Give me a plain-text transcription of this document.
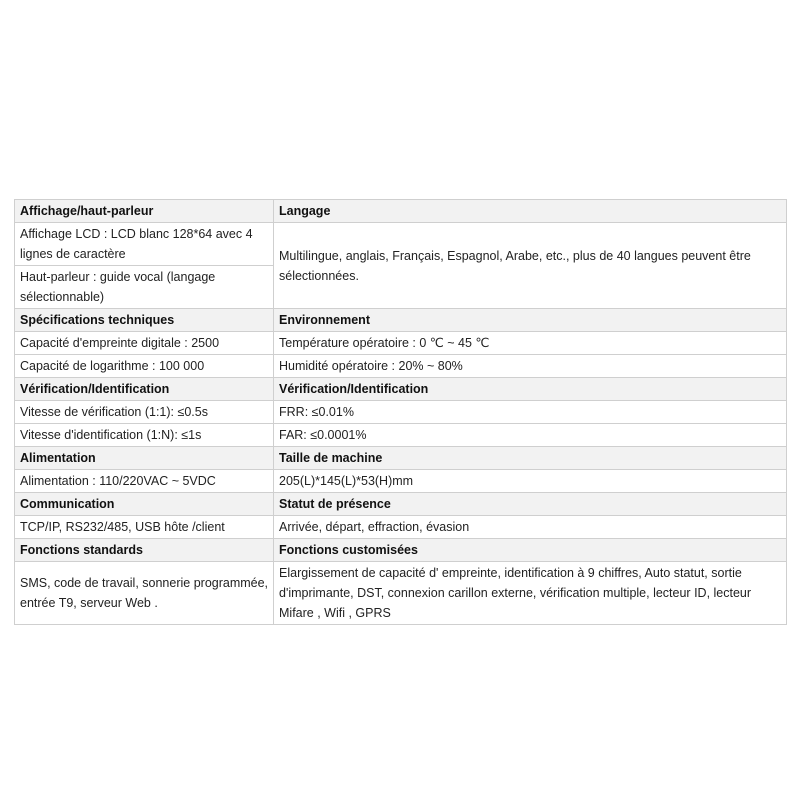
Affichage/haut-parleur	Langage
Affichage LCD : LCD blanc 128*64 avec 4 lignes de caractère	Multilingue, anglais, Français, Espagnol, Arabe, etc., plus de 40 langues peuvent être sélectionnées.
Haut-parleur : guide vocal (langage sélectionnable)	
Spécifications techniques	Environnement
Capacité d'empreinte digitale : 2500	Température opératoire : 0 ℃ ~ 45 ℃
Capacité de logarithme : 100 000	Humidité opératoire : 20% ~ 80%
Vérification/Identification	Vérification/Identification
Vitesse de vérification (1:1): ≤0.5s	FRR: ≤0.01%
Vitesse d'identification (1:N): ≤1s	FAR: ≤0.0001%
Alimentation	Taille de machine
Alimentation : 110/220VAC ~ 5VDC	205(L)*145(L)*53(H)mm
Communication	Statut de présence
TCP/IP, RS232/485, USB hôte /client	Arrivée, départ, effraction, évasion
Fonctions standards	Fonctions customisées
SMS, code de travail, sonnerie programmée, entrée T9, serveur Web .	Elargissement de capacité d' empreinte, identification à 9 chiffres, Auto statut, sortie d'imprimante, DST, connexion carillon externe, vérification multiple, lecteur ID, lecteur Mifare , Wifi , GPRS
